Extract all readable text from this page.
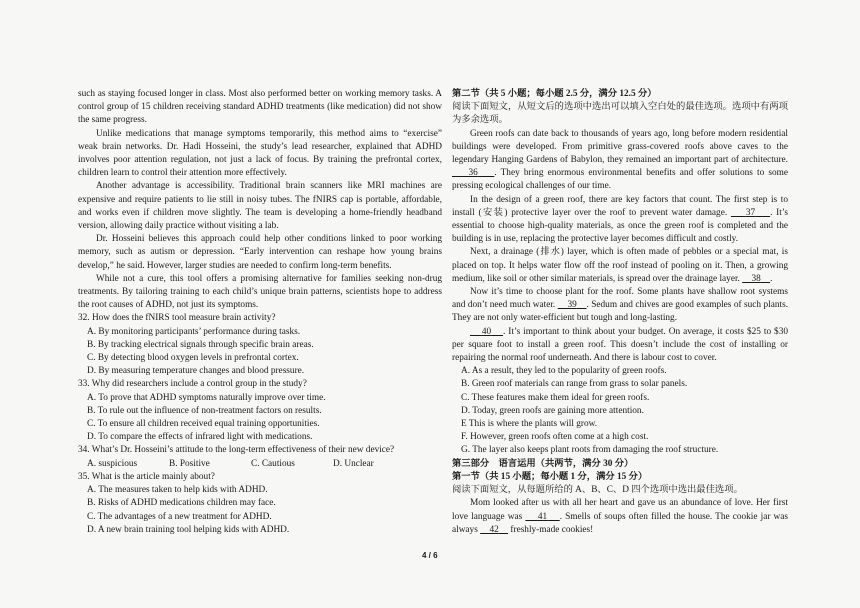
such as staying focused longer in class. Most also performed better on working memory tasks. A control group of 15 children receiving standard ADHD treatments (like medication) did not show the same progress.

Unlike medications that manage symptoms temporarily, this method aims to “exercise” weak brain networks. Dr. Hadi Hosseini, the study’s lead researcher, explained that ADHD involves poor attention regulation, not just a lack of focus. By training the prefrontal cortex, children learn to control their attention more effectively.

Another advantage is accessibility. Traditional brain scanners like MRI machines are expensive and require patients to lie still in noisy tubes. The fNIRS cap is portable, affordable, and works even if children move slightly. The team is developing a home-friendly headband version, allowing daily practice without visiting a lab.

Dr. Hosseini believes this approach could help other conditions linked to poor working memory, such as autism or depression. “Early intervention can reshape how young brains develop,” he said. However, larger studies are needed to confirm long-term benefits.

While not a cure, this tool offers a promising alternative for families seeking non-drug treatments. By tailoring training to each child’s unique brain patterns, scientists hope to address the root causes of ADHD, not just its symptoms.

32. How does the fNIRS tool measure brain activity?

A. By monitoring participants’ performance during tasks.

B. By tracking electrical signals through specific brain areas.

C. By detecting blood oxygen levels in prefrontal cortex.

D. By measuring temperature changes and blood pressure.

33. Why did researchers include a control group in the study?

A. To prove that ADHD symptoms naturally improve over time.

B. To rule out the influence of non-treatment factors on results.

C. To ensure all children received equal training opportunities.

D. To compare the effects of infrared light with medications.

34. What’s Dr. Hosseini’s attitude to the long-term effectiveness of their new device?

A. suspicious	B. Positive	C. Cautious	D. Unclear

35. What is the article mainly about?

A. The measures taken to help kids with ADHD.

B. Risks of ADHD medications children may face.

C. The advantages of a new treatment for ADHD.

D. A new brain training tool helping kids with ADHD.

第二节（共 5 小题；每小题 2.5 分，满分 12.5 分）

阅读下面短文，从短文后的选项中选出可以填入空白处的最佳选项。选项中有两项为多余选项。

Green roofs can date back to thousands of years ago, long before modern residential buildings were developed. From primitive grass-covered roofs above caves to the legendary Hanging Gardens of Babylon, they remained an important part of architecture.     36 . They bring enormous environmental benefits and offer solutions to some pressing ecological challenges of our time.

In the design of a green roof, there are key factors that count. The first step is to install (安装) protective layer over the roof to prevent water damage. 37 . It’s essential to choose high-quality materials, as once the green roof is completed and the building is in use, replacing the protective layer becomes difficult and costly.

Next, a drainage (排水) layer, which is often made of pebbles or a special mat, is placed on top. It helps water flow off the roof instead of pooling on it. Then, a growing medium, like soil or other similar materials, is spread over the drainage layer. 38 .

Now it’s time to choose plant for the roof. Some plants have shallow root systems and don’t need much water. 39 . Sedum and chives are good examples of such plants. They are not only water-efficient but tough and long-lasting.

40 . It’s important to think about your budget. On average, it costs $25 to $30 per square foot to install a green roof. This doesn’t include the cost of installing or repairing the normal roof underneath. And there is labour cost to cover.

A. As a result, they led to the popularity of green roofs.

B. Green roof materials can range from grass to solar panels.

C. These features make them ideal for green roofs.

D. Today, green roofs are gaining more attention.

E This is where the plants will grow.

F. However, green roofs often come at a high cost.

G. The layer also keeps plant roots from damaging the roof structure.

第三部分　语言运用（共两节，满分 30 分）

第一节（共 15 小题；每小题 1 分，满分 15 分）

阅读下面短文，从每题所给的 A、B、C、D 四个选项中选出最佳选项。

Mom looked after us with all her heart and gave us an abundance of love. Her first love language was 41 . Smells of soups often filled the house. The cookie jar was always 42 freshly-made cookies!

4 / 6
